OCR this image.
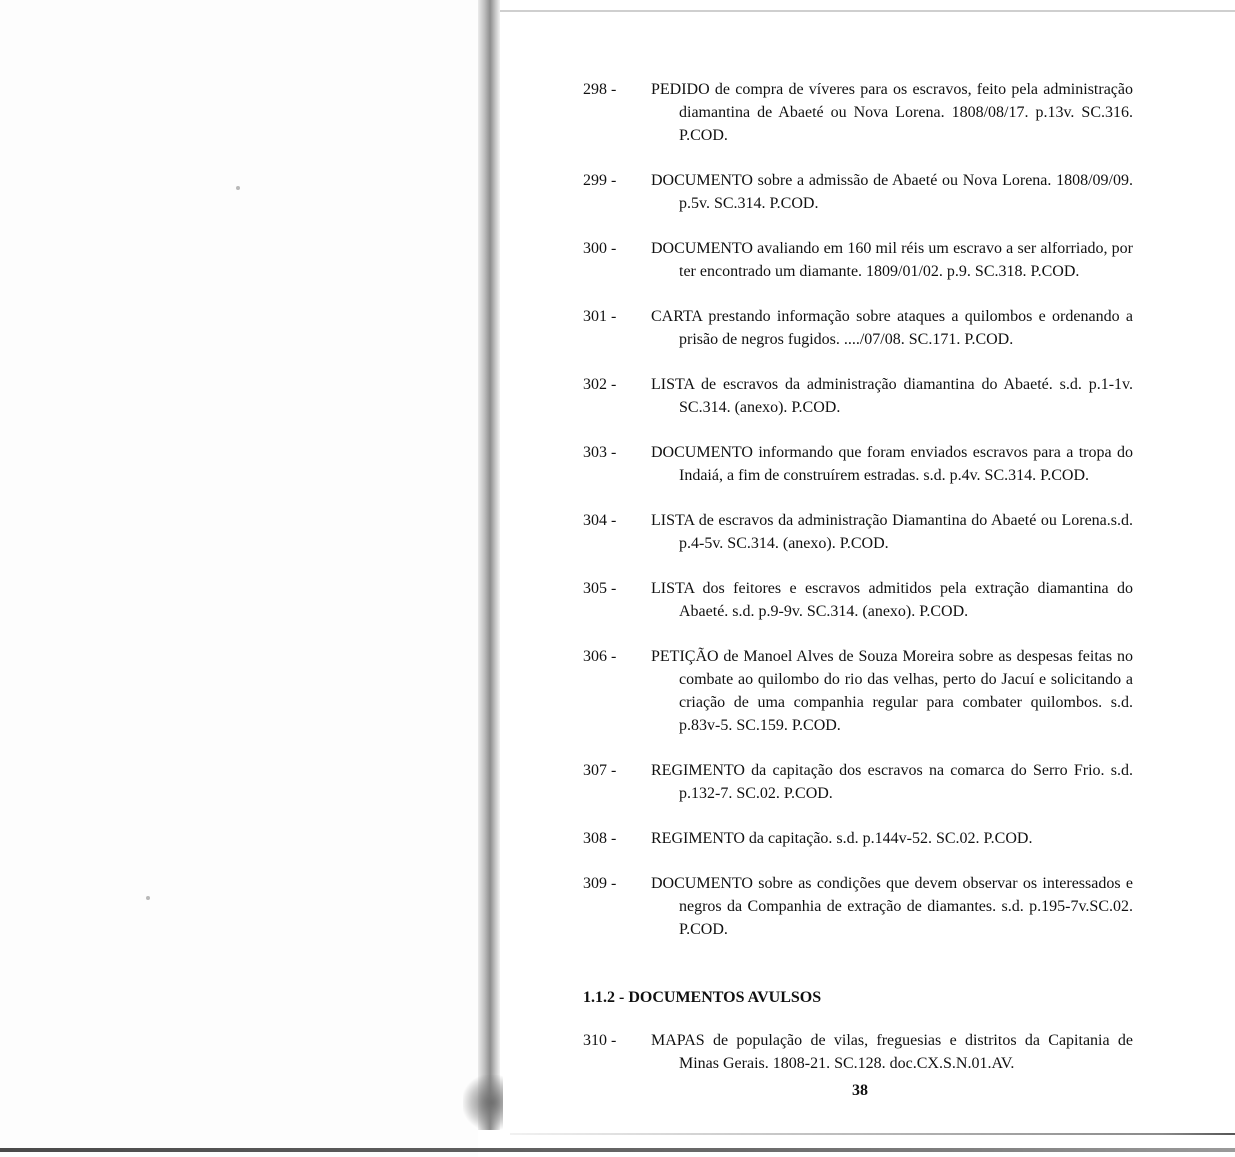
298 -	PEDIDO de compra de víveres para os escravos, feito pela administração diamantina de Abaeté ou Nova Lorena. 1808/08/17. p.13v. SC.316. P.COD.
299 -	DOCUMENTO sobre a admissão de Abaeté ou Nova Lorena. 1808/09/09. p.5v. SC.314. P.COD.
300 -	DOCUMENTO avaliando em 160 mil réis um escravo a ser alforriado, por ter encontrado um diamante. 1809/01/02. p.9. SC.318. P.COD.
301 -	CARTA prestando informação sobre ataques a quilombos e ordenando a prisão de negros fugidos. ..../07/08. SC.171. P.COD.
302 -	LISTA de escravos da administração diamantina do Abaeté. s.d. p.1-1v. SC.314. (anexo). P.COD.
303 -	DOCUMENTO informando que foram enviados escravos para a tropa do Indaiá, a fim de construírem estradas. s.d. p.4v. SC.314. P.COD.
304 -	LISTA de escravos da administração Diamantina do Abaeté ou Lorena.s.d. p.4-5v. SC.314. (anexo). P.COD.
305 -	LISTA dos feitores e escravos admitidos pela extração diamantina do Abaeté. s.d. p.9-9v. SC.314. (anexo). P.COD.
306 -	PETIÇÃO de Manoel Alves de Souza Moreira sobre as despesas feitas no combate ao quilombo do rio das velhas, perto do Jacuí e solicitando a criação de uma companhia regular para combater quilombos. s.d. p.83v-5. SC.159. P.COD.
307 -	REGIMENTO da capitação dos escravos na comarca do Serro Frio. s.d. p.132-7. SC.02. P.COD.
308 -	REGIMENTO da capitação. s.d. p.144v-52. SC.02. P.COD.
309 -	DOCUMENTO sobre as condições que devem observar os interessados e negros da Companhia de extração de diamantes. s.d. p.195-7v.SC.02. P.COD.
1.1.2 - DOCUMENTOS AVULSOS
310 -	MAPAS de população de vilas, freguesias e distritos da Capitania de Minas Gerais. 1808-21. SC.128. doc.CX.S.N.01.AV.
38
